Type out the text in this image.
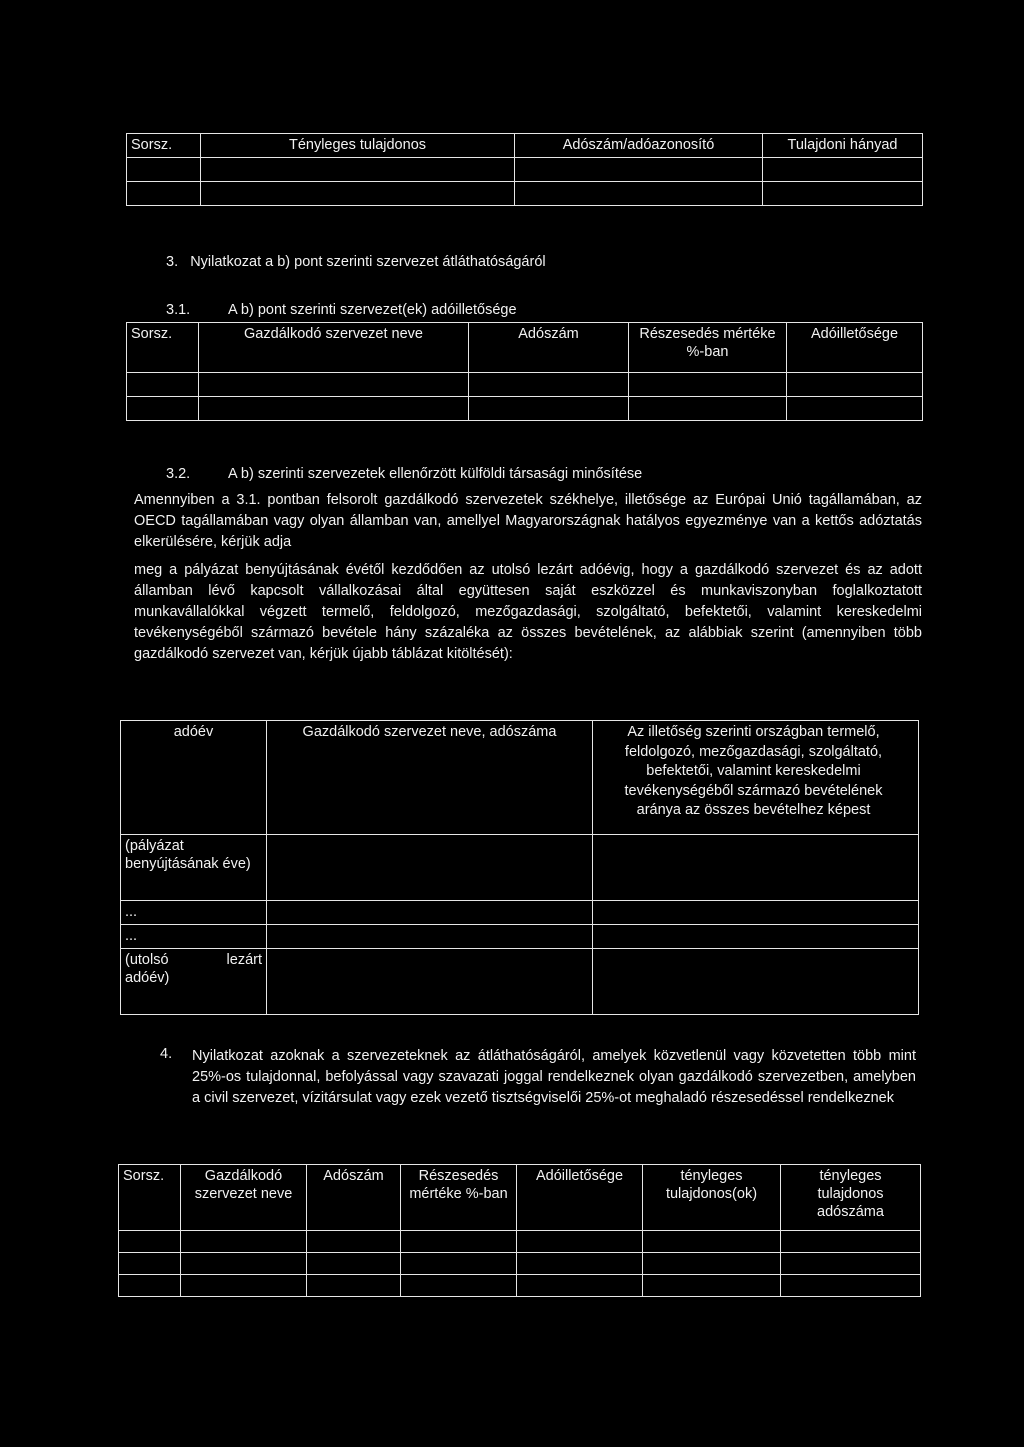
Sorsz.	Tényleges tulajdonos	Adószám/adóazonosító	Tulajdoni hányad

3. Nyilatkozat a b) pont szerinti szervezet átláthatóságáról
3.1.	A b) pont szerinti szervezet(ek) adóilletősége
Sorsz.	Gazdálkodó szervezet neve	Adószám	Részesedés mértéke %-ban	Adóilletősége

3.2.	A b) szerinti szervezetek ellenőrzött külföldi társasági minősítése
Amennyiben a 3.1. pontban felsorolt gazdálkodó szervezetek székhelye, illetősége az Európai Unió tagállamában, az OECD tagállamában vagy olyan államban van, amellyel Magyarországnak hatályos egyezménye van a kettős adóztatás elkerülésére, kérjük adja
meg a pályázat benyújtásának évétől kezdődően az utolsó lezárt adóévig, hogy a gazdálkodó szervezet és az adott államban lévő kapcsolt vállalkozásai által együttesen saját eszközzel és munkaviszonyban foglalkoztatott munkavállalókkal végzett termelő, feldolgozó, mezőgazdasági, szolgáltató, befektetői, valamint kereskedelmi tevékenységéből származó bevétele hány százaléka az összes bevételének, az alábbiak szerint (amennyiben több gazdálkodó szervezet van, kérjük újabb táblázat kitöltését):
adóév	Gazdálkodó szervezet neve, adószáma	Az illetőség szerinti országban termelő, feldolgozó, mezőgazdasági, szolgáltató, befektetői, valamint kereskedelmi tevékenységéből származó bevételének aránya az összes bevételhez képest
(pályázat benyújtásának éve)		
...		
...		

(utolsó lezárt
adóév)		

4. Nyilatkozat azoknak a szervezeteknek az átláthatóságáról, amelyek közvetlenül vagy közvetetten több mint 25%-os tulajdonnal, befolyással vagy szavazati joggal rendelkeznek olyan gazdálkodó szervezetben, amelyben a civil szervezet, vízitársulat vagy ezek vezető tisztségviselői 25%-ot meghaladó részesedéssel rendelkeznek
Sorsz.	Gazdálkodó szervezet neve	Adószám	Részesedés mértéke %-ban	Adóilletősége	tényleges tulajdonos(ok)	tényleges tulajdonos adószáma
